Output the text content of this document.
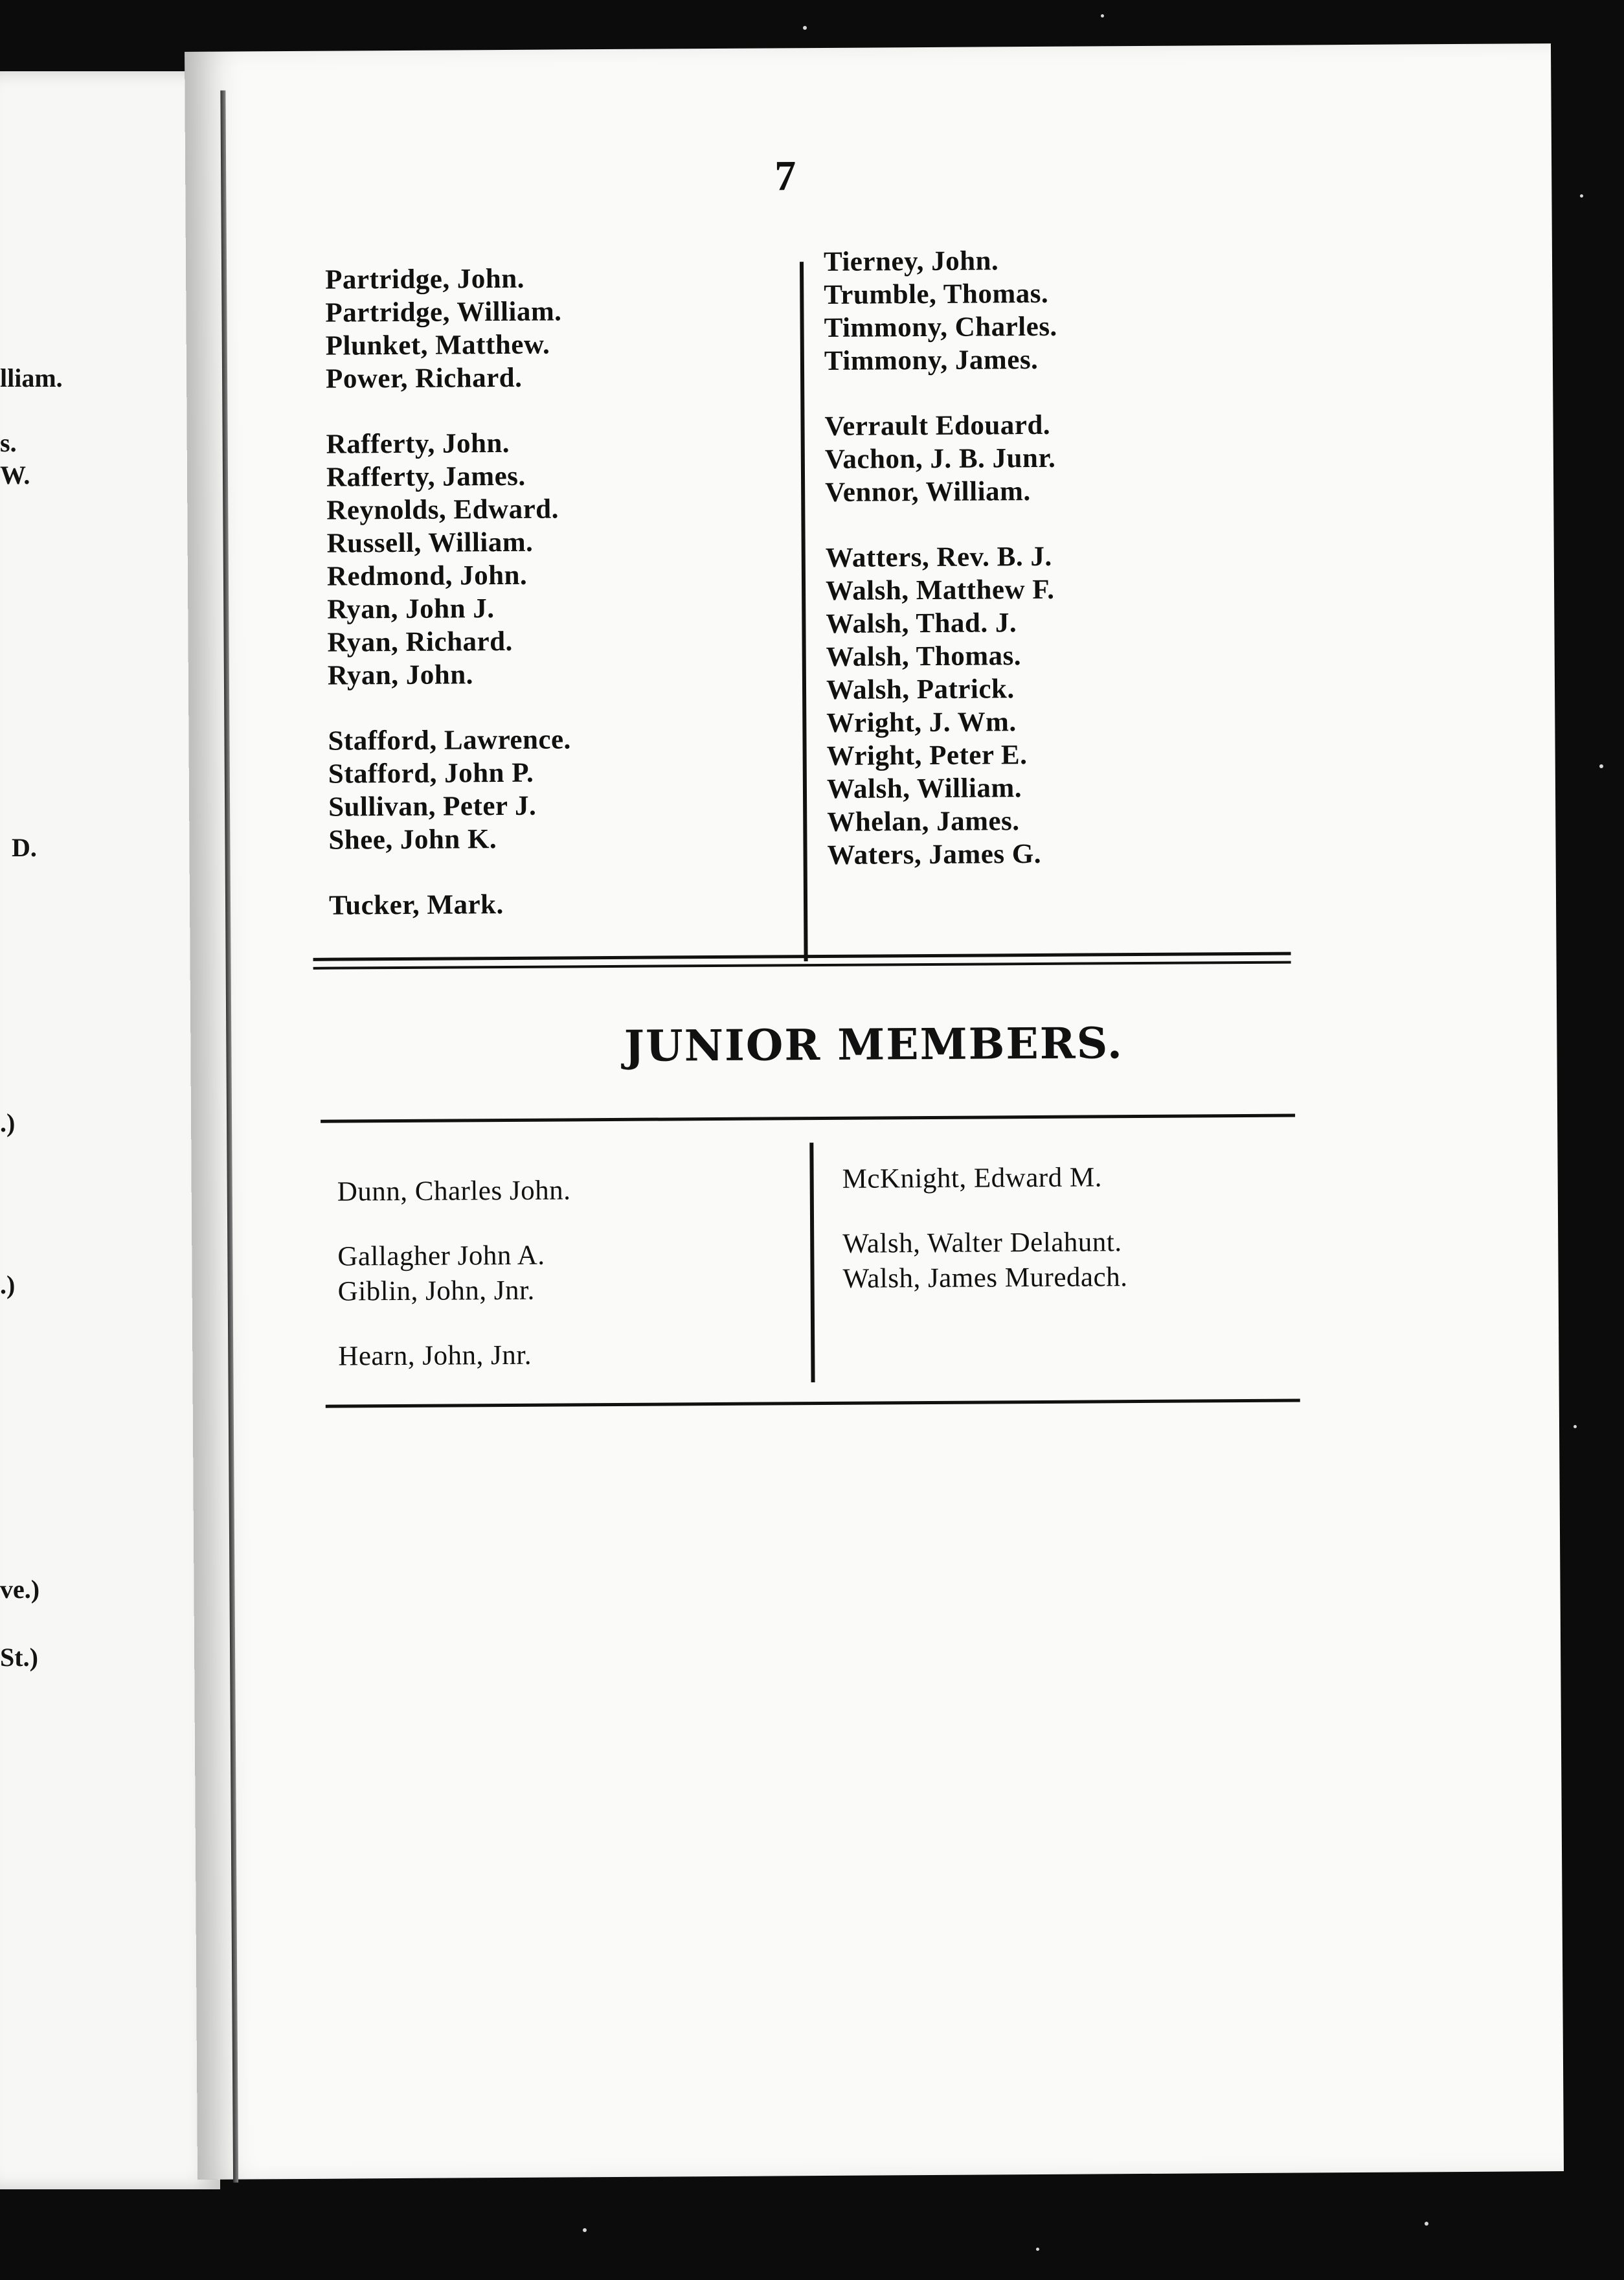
lliam.
s.
W.
D.
.)
.)
ve.)
St.)
7
Partridge, John.
Partridge, William.
Plunket, Matthew.
Power, Richard.
Rafferty, John.
Rafferty, James.
Reynolds, Edward.
Russell, William.
Redmond, John.
Ryan, John J.
Ryan, Richard.
Ryan, John.
Stafford, Lawrence.
Stafford, John P.
Sullivan, Peter J.
Shee, John K.
Tucker, Mark.
Tierney, John.
Trumble, Thomas.
Timmony, Charles.
Timmony, James.
Verrault Edouard.
Vachon, J. B. Junr.
Vennor, William.
Watters, Rev. B. J.
Walsh, Matthew F.
Walsh, Thad. J.
Walsh, Thomas.
Walsh, Patrick.
Wright, J. Wm.
Wright, Peter E.
Walsh, William.
Whelan, James.
Waters, James G.
JUNIOR MEMBERS.
Dunn, Charles John.
Gallagher John A.
Giblin, John, Jnr.
Hearn, John, Jnr.
McKnight, Edward M.
Walsh, Walter Delahunt.
Walsh, James Muredach.
